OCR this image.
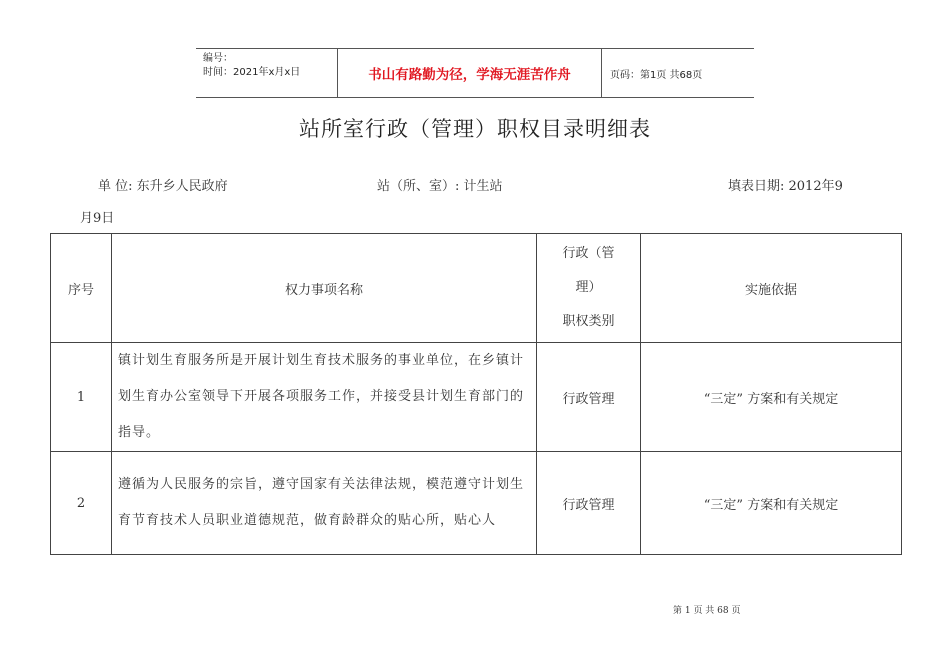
编号：
时间：2021年x月x日	书山有路勤为径，学海无涯苦作舟	页码：第1页 共68页
站所室行政（管理）职权目录明细表
单 位: 东升乡人民政府	站（所、室）: 计生站	填表日期: 2012年9
月9日
序号	权力事项名称	行政（管
理）
职权类别	实施依据
1	镇计划生育服务所是开展计划生育技术服务的事业单位，在乡镇计划生育办公室领导下开展各项服务工作，并接受县计划生育部门的指导。	行政管理	“三定” 方案和有关规定
2	遵循为人民服务的宗旨，遵守国家有关法律法规，模范遵守计划生育节育技术人员职业道德规范，做育龄群众的贴心所，贴心人	行政管理	“三定” 方案和有关规定
第 1 页 共 68 页
